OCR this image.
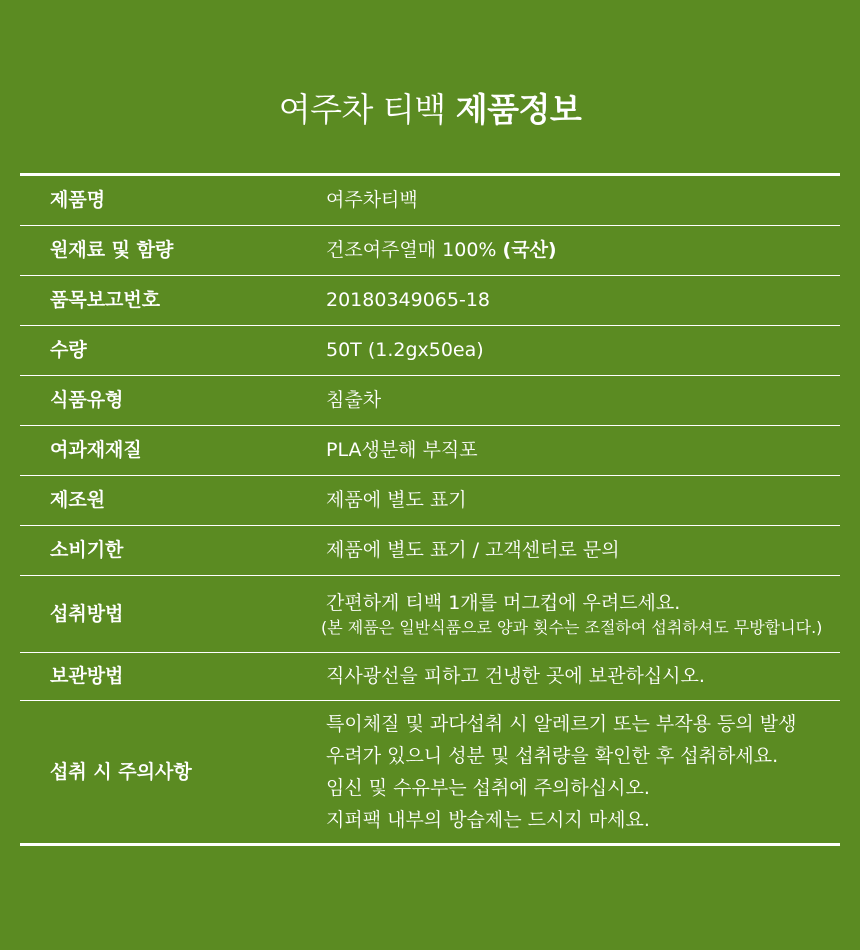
여주차 티백 제품정보
제품명	여주차티백
원재료 및 함량	건조여주열매 100% (국산)
품목보고번호	20180349065-18
수량	50T (1.2gx50ea)
식품유형	침출차
여과재재질	PLA생분해 부직포
제조원	제품에 별도 표기
소비기한	제품에 별도 표기 / 고객센터로 문의
섭취방법	간편하게 티백 1개를 머그컵에 우려드세요.
(본 제품은 일반식품으로 양과 횟수는 조절하여 섭취하셔도 무방합니다.)

보관방법	직사광선을 피하고 건냉한 곳에 보관하십시오.
섭취 시 주의사항	특이체질 및 과다섭취 시 알레르기 또는 부작용 등의 발생
우려가 있으니 성분 및 섭취량을 확인한 후 섭취하세요.
임신 및 수유부는 섭취에 주의하십시오.
지퍼팩 내부의 방습제는 드시지 마세요.
